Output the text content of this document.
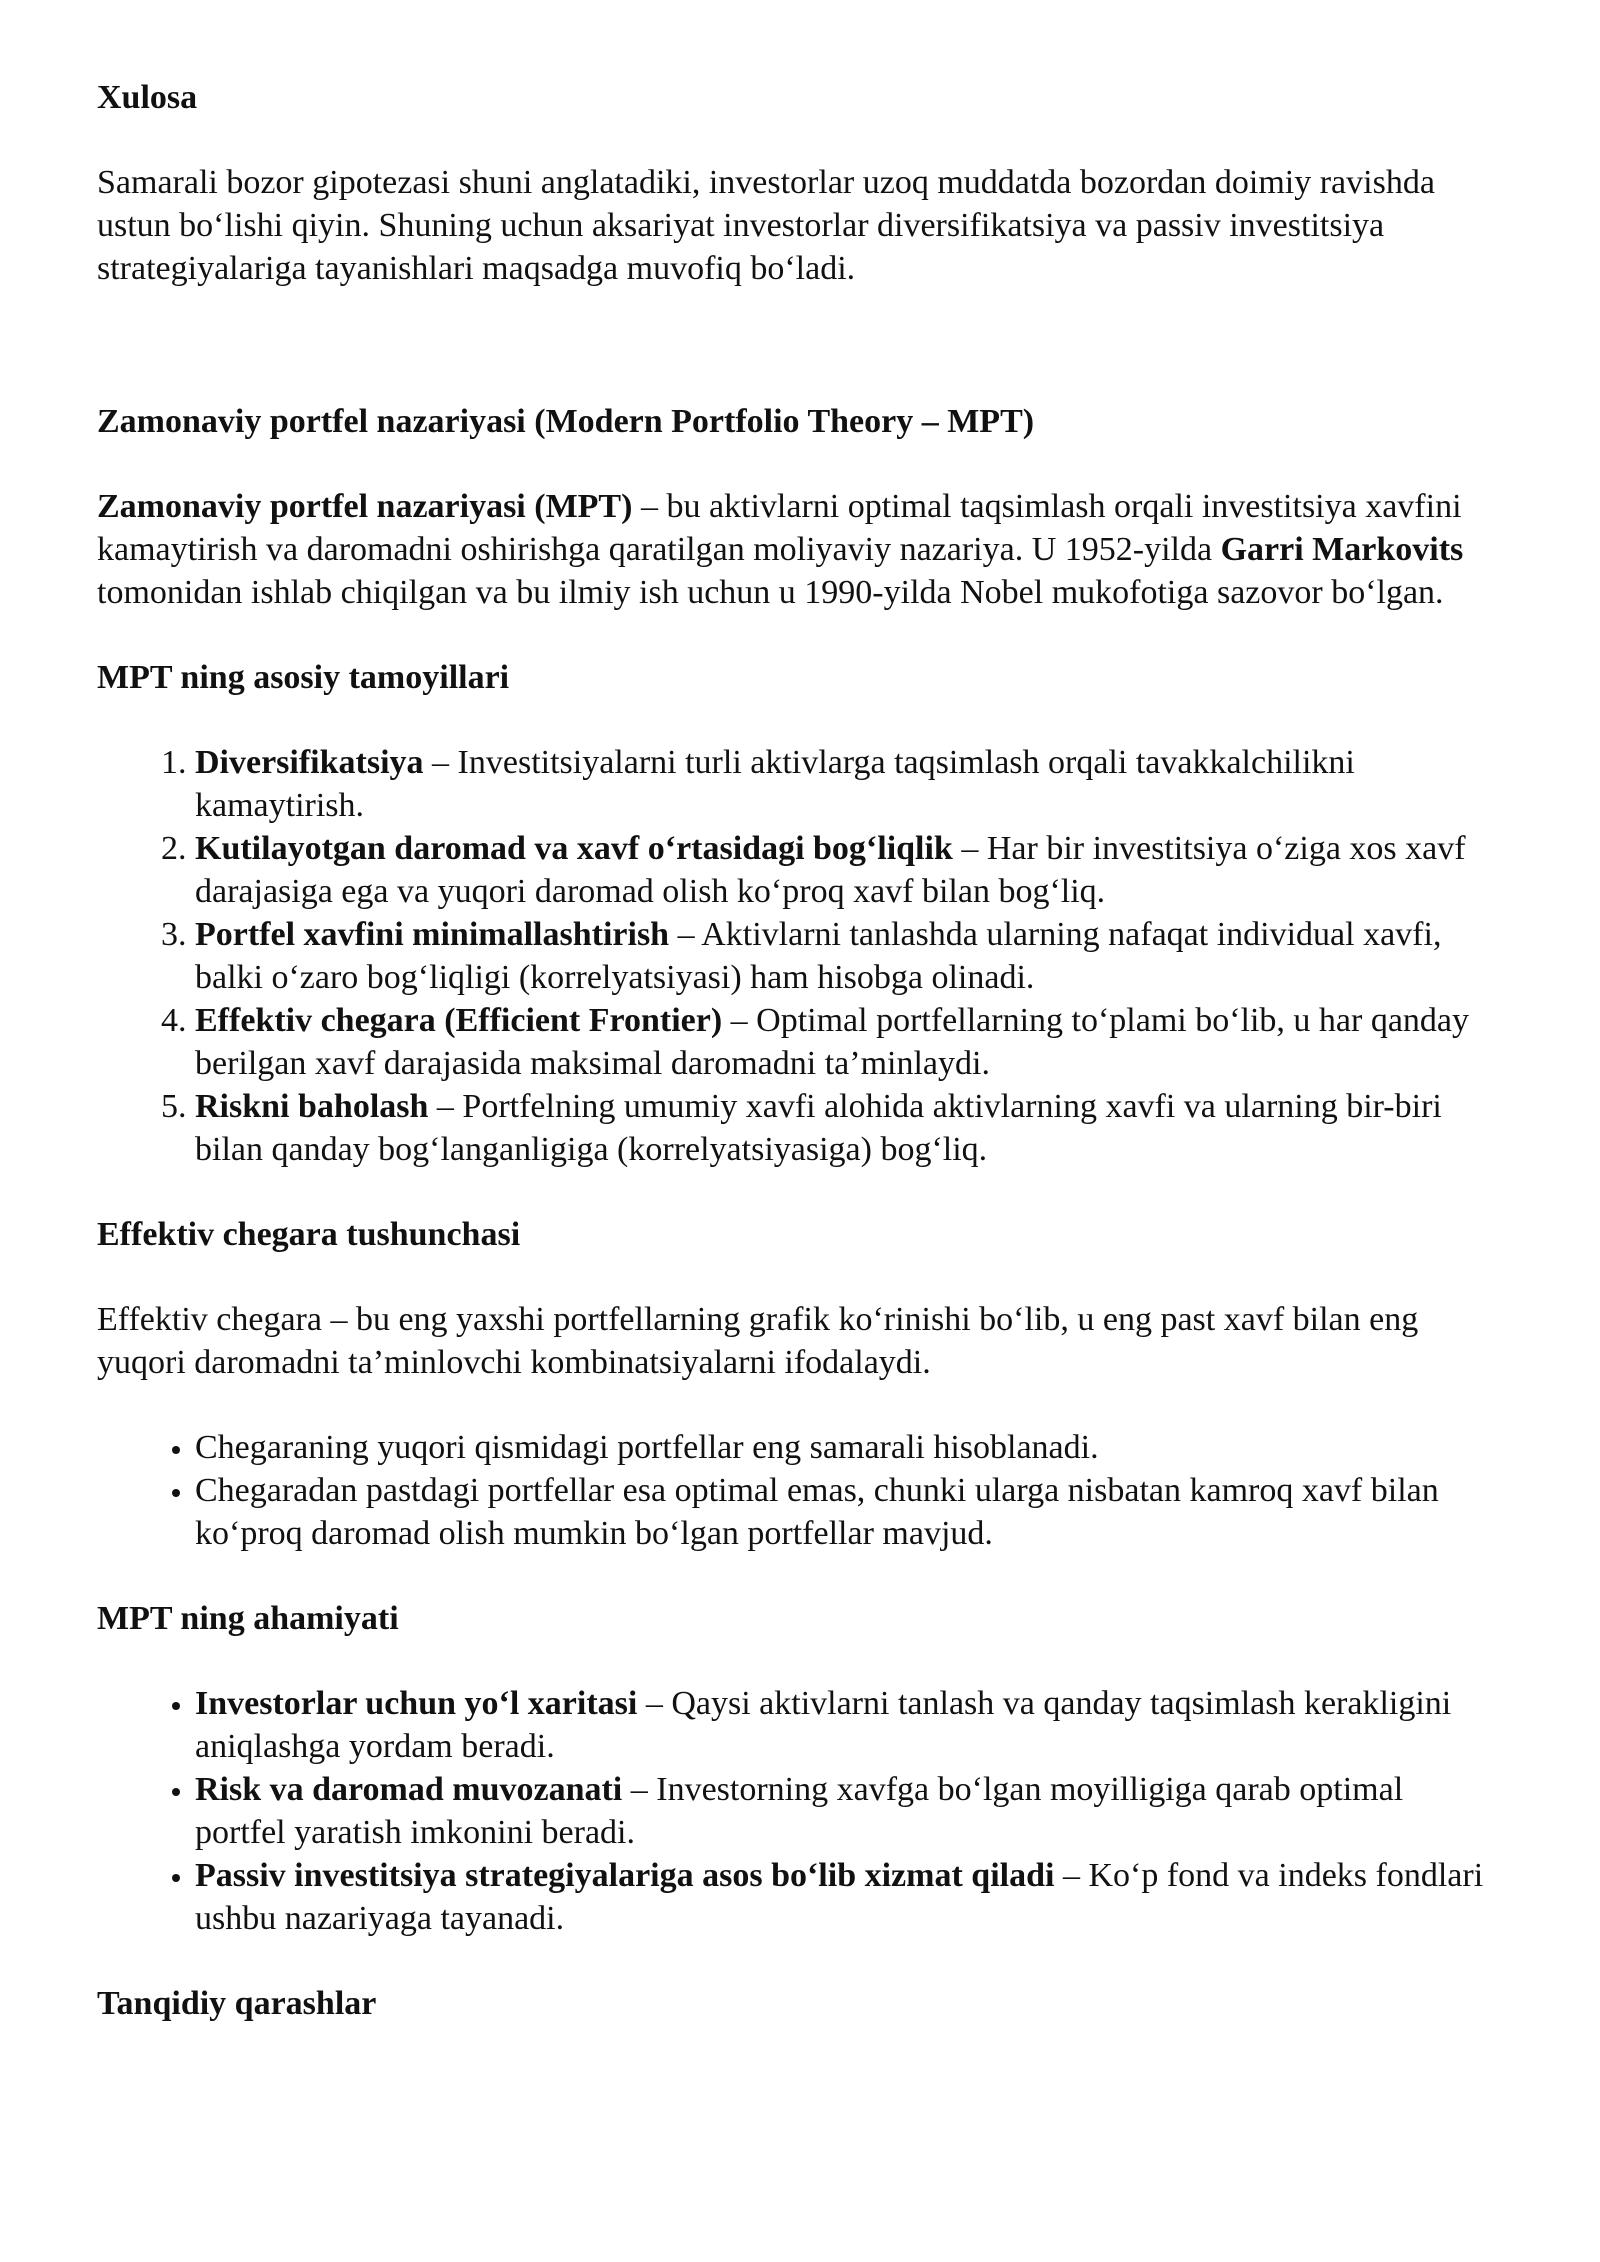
Xulosa

Samarali bozor gipotezasi shuni anglatadiki, investorlar uzoq muddatda bozordan doimiy ravishda ustun bo‘lishi qiyin. Shuning uchun aksariyat investorlar diversifikatsiya va passiv investitsiya strategiyalariga tayanishlari maqsadga muvofiq bo‘ladi.

Zamonaviy portfel nazariyasi (Modern Portfolio Theory – MPT)

Zamonaviy portfel nazariyasi (MPT) – bu aktivlarni optimal taqsimlash orqali investitsiya xavfini kamaytirish va daromadni oshirishga qaratilgan moliyaviy nazariya. U 1952-yilda Garri Markovits tomonidan ishlab chiqilgan va bu ilmiy ish uchun u 1990-yilda Nobel mukofotiga sazovor bo‘lgan.

MPT ning asosiy tamoyillari

1. Diversifikatsiya – Investitsiyalarni turli aktivlarga taqsimlash orqali tavakkalchilikni kamaytirish.
2. Kutilayotgan daromad va xavf o‘rtasidagi bog‘liqlik – Har bir investitsiya o‘ziga xos xavf darajasiga ega va yuqori daromad olish ko‘proq xavf bilan bog‘liq.
3. Portfel xavfini minimallashtirish – Aktivlarni tanlashda ularning nafaqat individual xavfi, balki o‘zaro bog‘liqligi (korrelyatsiyasi) ham hisobga olinadi.
4. Effektiv chegara (Efficient Frontier) – Optimal portfellarning to‘plami bo‘lib, u har qanday berilgan xavf darajasida maksimal daromadni ta’minlaydi.
5. Riskni baholash – Portfelning umumiy xavfi alohida aktivlarning xavfi va ularning bir-biri bilan qanday bog‘langanligiga (korrelyatsiyasiga) bog‘liq.

Effektiv chegara tushunchasi

Effektiv chegara – bu eng yaxshi portfellarning grafik ko‘rinishi bo‘lib, u eng past xavf bilan eng yuqori daromadni ta’minlovchi kombinatsiyalarni ifodalaydi.

• Chegaraning yuqori qismidagi portfellar eng samarali hisoblanadi.
• Chegaradan pastdagi portfellar esa optimal emas, chunki ularga nisbatan kamroq xavf bilan ko‘proq daromad olish mumkin bo‘lgan portfellar mavjud.

MPT ning ahamiyati

• Investorlar uchun yo‘l xaritasi – Qaysi aktivlarni tanlash va qanday taqsimlash kerakligini aniqlashga yordam beradi.
• Risk va daromad muvozanati – Investorning xavfga bo‘lgan moyilligiga qarab optimal portfel yaratish imkonini beradi.
• Passiv investitsiya strategiyalariga asos bo‘lib xizmat qiladi – Ko‘p fond va indeks fondlari ushbu nazariyaga tayanadi.

Tanqidiy qarashlar
